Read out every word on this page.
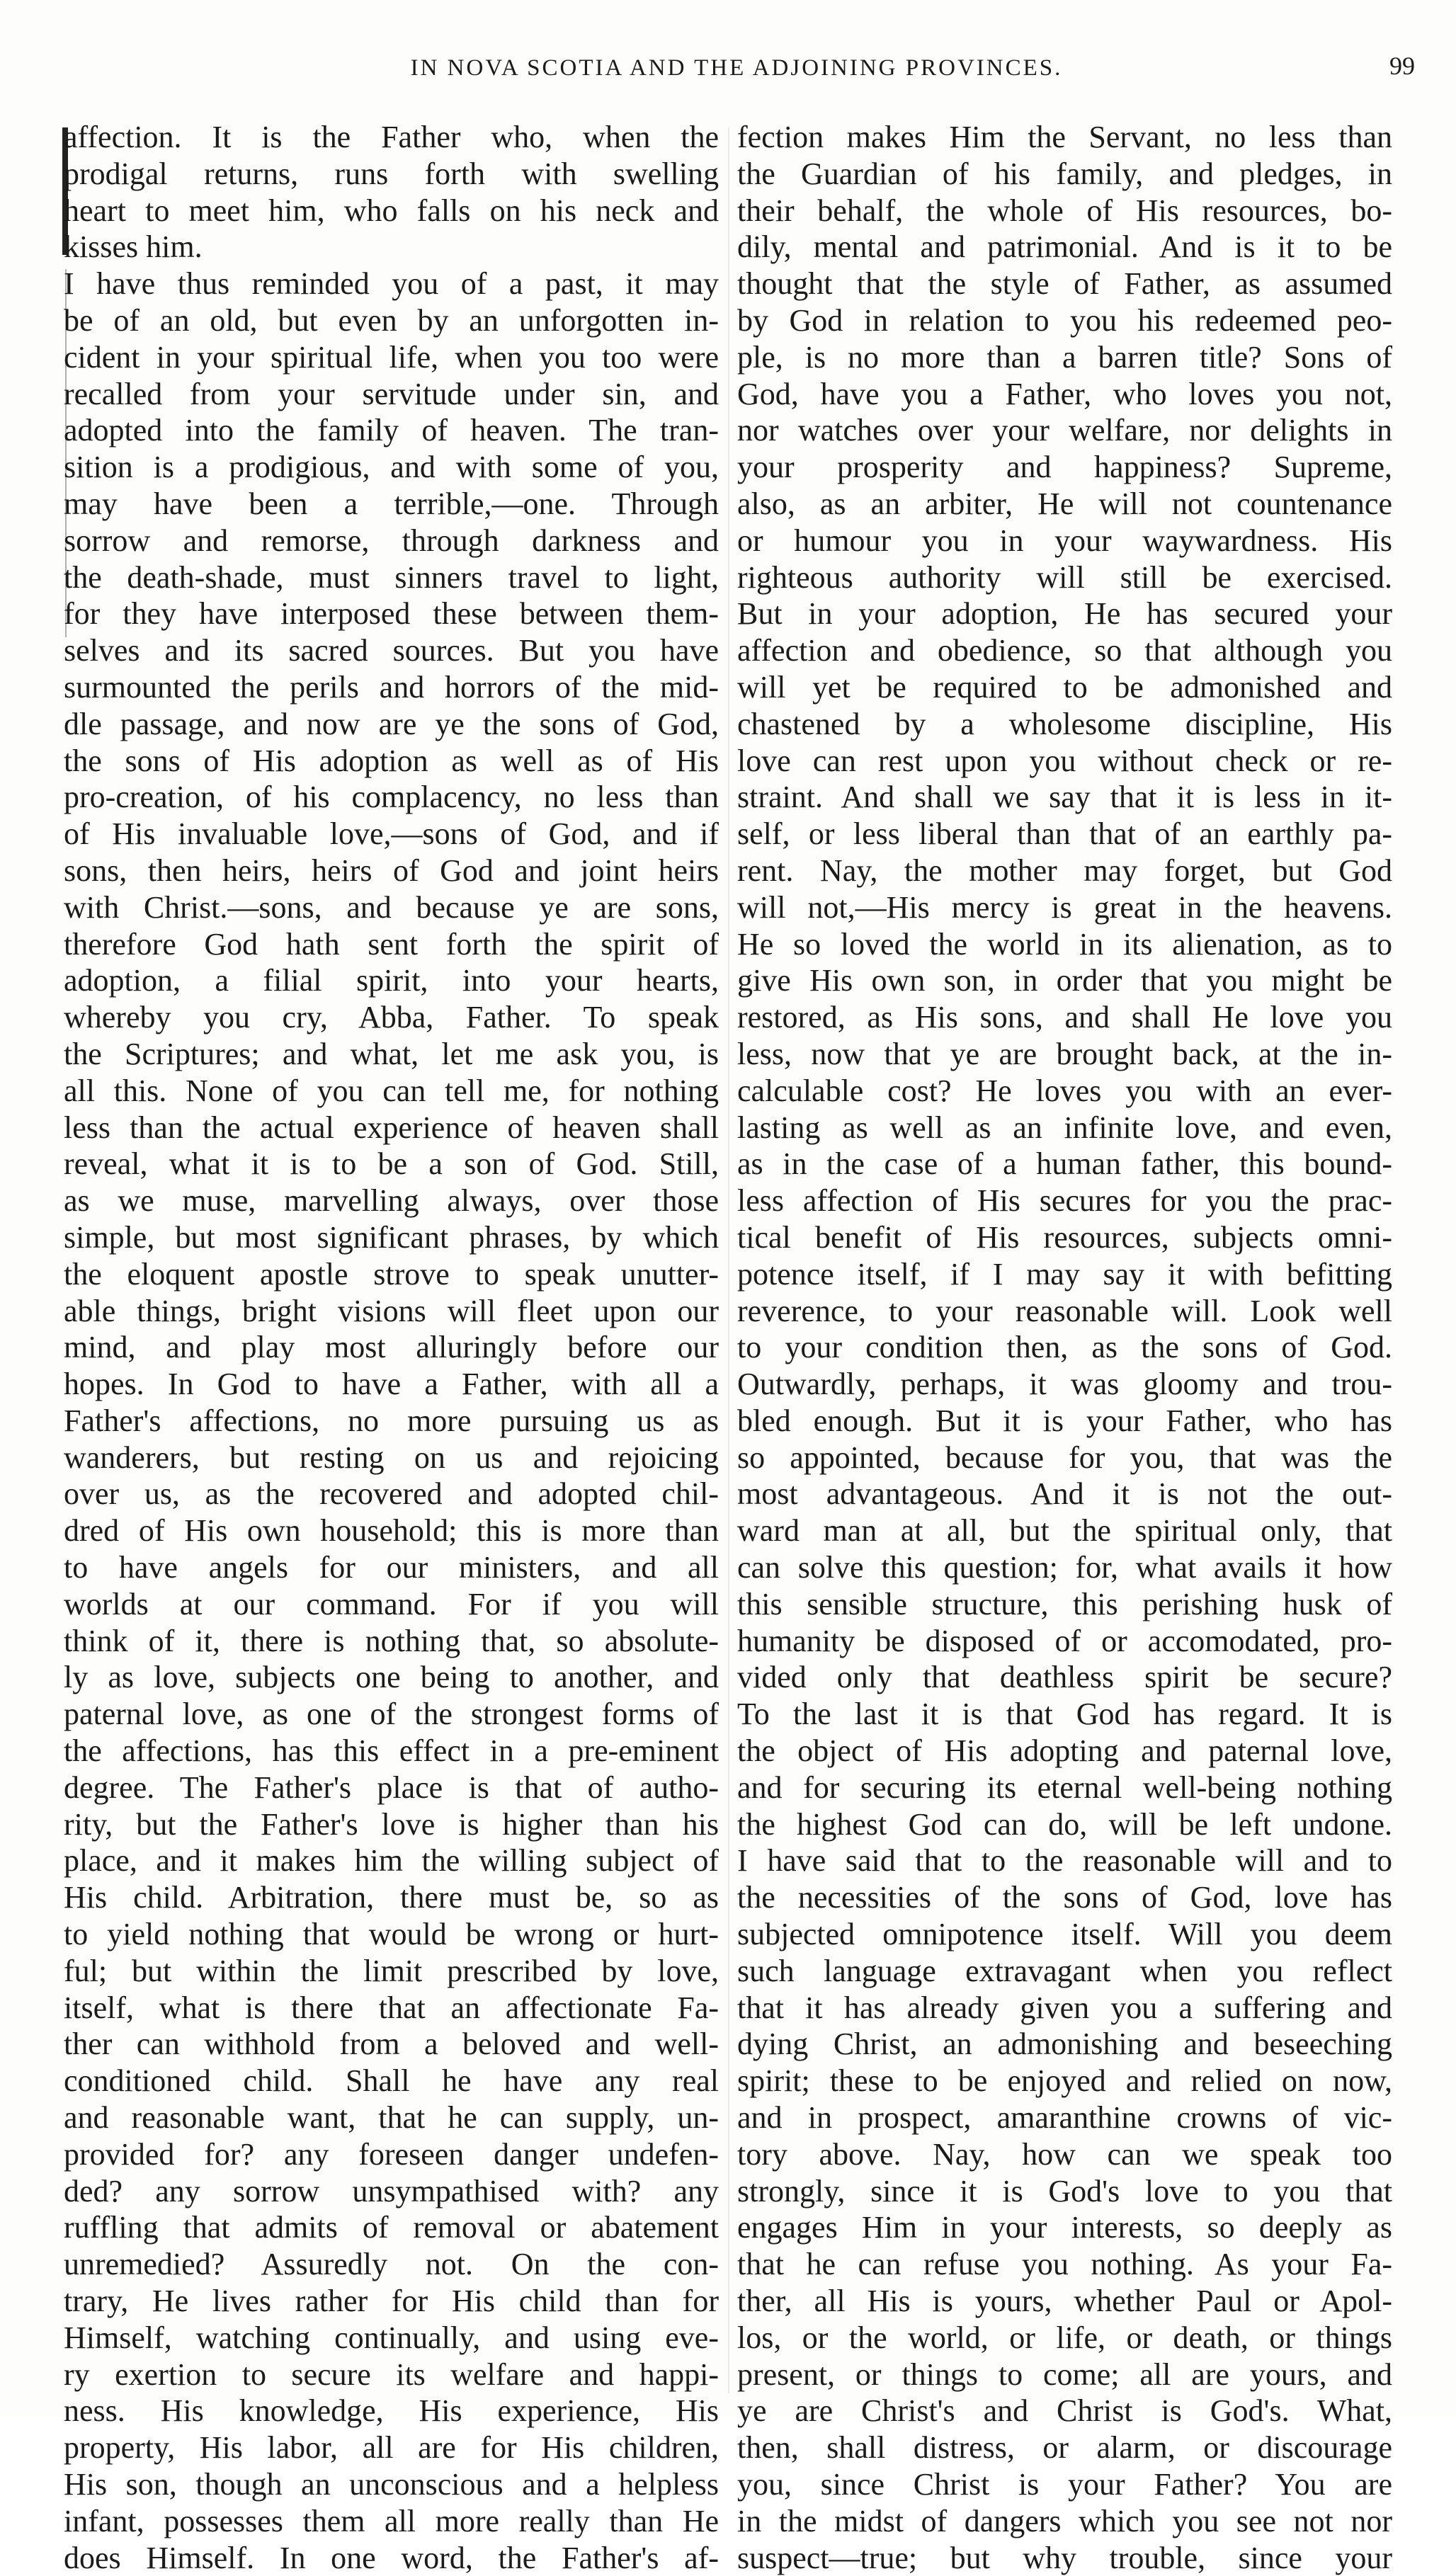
IN NOVA SCOTIA AND THE ADJOINING PROVINCES.	99
affection. It is the Father who, when the
prodigal returns, runs forth with swelling
heart to meet him, who falls on his neck and
kisses him.
I have thus reminded you of a past, it may
be of an old, but even by an unforgotten in-
cident in your spiritual life, when you too were
recalled from your servitude under sin, and
adopted into the family of heaven. The tran-
sition is a prodigious, and with some of you,
may have been a terrible,—one. Through
sorrow and remorse, through darkness and
the death-shade, must sinners travel to light,
for they have interposed these between them-
selves and its sacred sources. But you have
surmounted the perils and horrors of the mid-
dle passage, and now are ye the sons of God,
the sons of His adoption as well as of His
pro-creation, of his complacency, no less than
of His invaluable love,—sons of God, and if
sons, then heirs, heirs of God and joint heirs
with Christ.—sons, and because ye are sons,
therefore God hath sent forth the spirit of
adoption, a filial spirit, into your hearts,
whereby you cry, Abba, Father. To speak
the Scriptures; and what, let me ask you, is
all this. None of you can tell me, for nothing
less than the actual experience of heaven shall
reveal, what it is to be a son of God. Still,
as we muse, marvelling always, over those
simple, but most significant phrases, by which
the eloquent apostle strove to speak unutter-
able things, bright visions will fleet upon our
mind, and play most alluringly before our
hopes. In God to have a Father, with all a
Father's affections, no more pursuing us as
wanderers, but resting on us and rejoicing
over us, as the recovered and adopted chil-
dred of His own household; this is more than
to have angels for our ministers, and all
worlds at our command. For if you will
think of it, there is nothing that, so absolute-
ly as love, subjects one being to another, and
paternal love, as one of the strongest forms of
the affections, has this effect in a pre-eminent
degree. The Father's place is that of autho-
rity, but the Father's love is higher than his
place, and it makes him the willing subject of
His child. Arbitration, there must be, so as
to yield nothing that would be wrong or hurt-
ful; but within the limit prescribed by love,
itself, what is there that an affectionate Fa-
ther can withhold from a beloved and well-
conditioned child. Shall he have any real
and reasonable want, that he can supply, un-
provided for? any foreseen danger undefen-
ded? any sorrow unsympathised with? any
ruffling that admits of removal or abatement
unremedied? Assuredly not. On the con-
trary, He lives rather for His child than for
Himself, watching continually, and using eve-
ry exertion to secure its welfare and happi-
ness. His knowledge, His experience, His
property, His labor, all are for His children,
His son, though an unconscious and a helpless
infant, possesses them all more really than He
does Himself. In one word, the Father's af-
fection makes Him the Servant, no less than
the Guardian of his family, and pledges, in
their behalf, the whole of His resources, bo-
dily, mental and patrimonial. And is it to be
thought that the style of Father, as assumed
by God in relation to you his redeemed peo-
ple, is no more than a barren title? Sons of
God, have you a Father, who loves you not,
nor watches over your welfare, nor delights in
your prosperity and happiness? Supreme,
also, as an arbiter, He will not countenance
or humour you in your waywardness. His
righteous authority will still be exercised.
But in your adoption, He has secured your
affection and obedience, so that although you
will yet be required to be admonished and
chastened by a wholesome discipline, His
love can rest upon you without check or re-
straint. And shall we say that it is less in it-
self, or less liberal than that of an earthly pa-
rent. Nay, the mother may forget, but God
will not,—His mercy is great in the heavens.
He so loved the world in its alienation, as to
give His own son, in order that you might be
restored, as His sons, and shall He love you
less, now that ye are brought back, at the in-
calculable cost? He loves you with an ever-
lasting as well as an infinite love, and even,
as in the case of a human father, this bound-
less affection of His secures for you the prac-
tical benefit of His resources, subjects omni-
potence itself, if I may say it with befitting
reverence, to your reasonable will. Look well
to your condition then, as the sons of God.
Outwardly, perhaps, it was gloomy and trou-
bled enough. But it is your Father, who has
so appointed, because for you, that was the
most advantageous. And it is not the out-
ward man at all, but the spiritual only, that
can solve this question; for, what avails it how
this sensible structure, this perishing husk of
humanity be disposed of or accomodated, pro-
vided only that deathless spirit be secure?
To the last it is that God has regard. It is
the object of His adopting and paternal love,
and for securing its eternal well-being nothing
the highest God can do, will be left undone.
I have said that to the reasonable will and to
the necessities of the sons of God, love has
subjected omnipotence itself. Will you deem
such language extravagant when you reflect
that it has already given you a suffering and
dying Christ, an admonishing and beseeching
spirit; these to be enjoyed and relied on now,
and in prospect, amaranthine crowns of vic-
tory above. Nay, how can we speak too
strongly, since it is God's love to you that
engages Him in your interests, so deeply as
that he can refuse you nothing. As your Fa-
ther, all His is yours, whether Paul or Apol-
los, or the world, or life, or death, or things
present, or things to come; all are yours, and
ye are Christ's and Christ is God's. What,
then, shall distress, or alarm, or discourage
you, since Christ is your Father? You are
in the midst of dangers which you see not nor
suspect—true; but why trouble, since your
